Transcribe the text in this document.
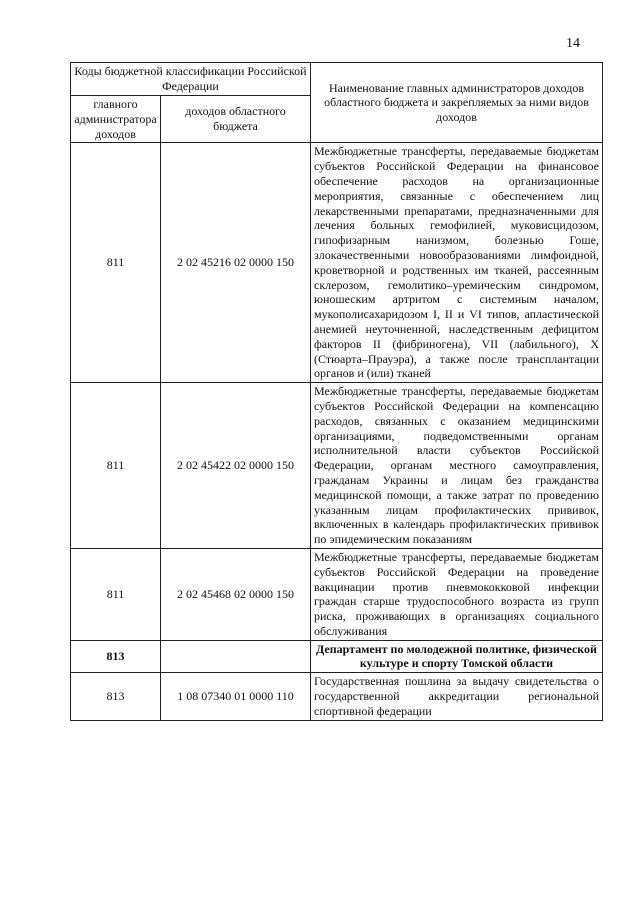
14
Коды бюджетной классификации Российской Федерации		Наименование главных администраторов доходов областного бюджета и закрепляемых за ними видов доходов
главного администратора доходов	доходов областного бюджета	
811	2 02 45216 02 0000 150	Межбюджетные трансферты, передаваемые бюджетам субъектов Российской Федерации на финансовое обеспечение расходов на организационные мероприятия, связанные с обеспечением лиц лекарственными препаратами, предназначенными для лечения больных гемофилией, муковисцидозом, гипофизарным нанизмом, болезнью Гоше, злокачественными новообразованиями лимфоидной, кроветворной и родственных им тканей, рассеянным склерозом, гемолитико–уремическим синдромом, юношеским артритом с системным началом, мукополисахаридозом I, II и VI типов, апластической анемией неуточненной, наследственным дефицитом факторов II (фибриногена), VII (лабильного), X (Стюарта–Прауэра), а также после трансплантации органов и (или) тканей
811	2 02 45422 02 0000 150	Межбюджетные трансферты, передаваемые бюджетам субъектов Российской Федерации на компенсацию расходов, связанных с оказанием медицинскими организациями, подведомственными органам исполнительной власти субъектов Российской Федерации, органам местного самоуправления, гражданам Украины и лицам без гражданства медицинской помощи, а также затрат по проведению указанным лицам профилактических прививок, включенных в календарь профилактических прививок по эпидемическим показаниям
811	2 02 45468 02 0000 150	Межбюджетные трансферты, передаваемые бюджетам субъектов Российской Федерации на проведение вакцинации против пневмококковой инфекции граждан старше трудоспособного возраста из групп риска, проживающих в организациях социального обслуживания
813		Департамент по молодежной политике, физической культуре и спорту Томской области
813	1 08 07340 01 0000 110	Государственная пошлина за выдачу свидетельства о государственной аккредитации региональной спортивной федерации
